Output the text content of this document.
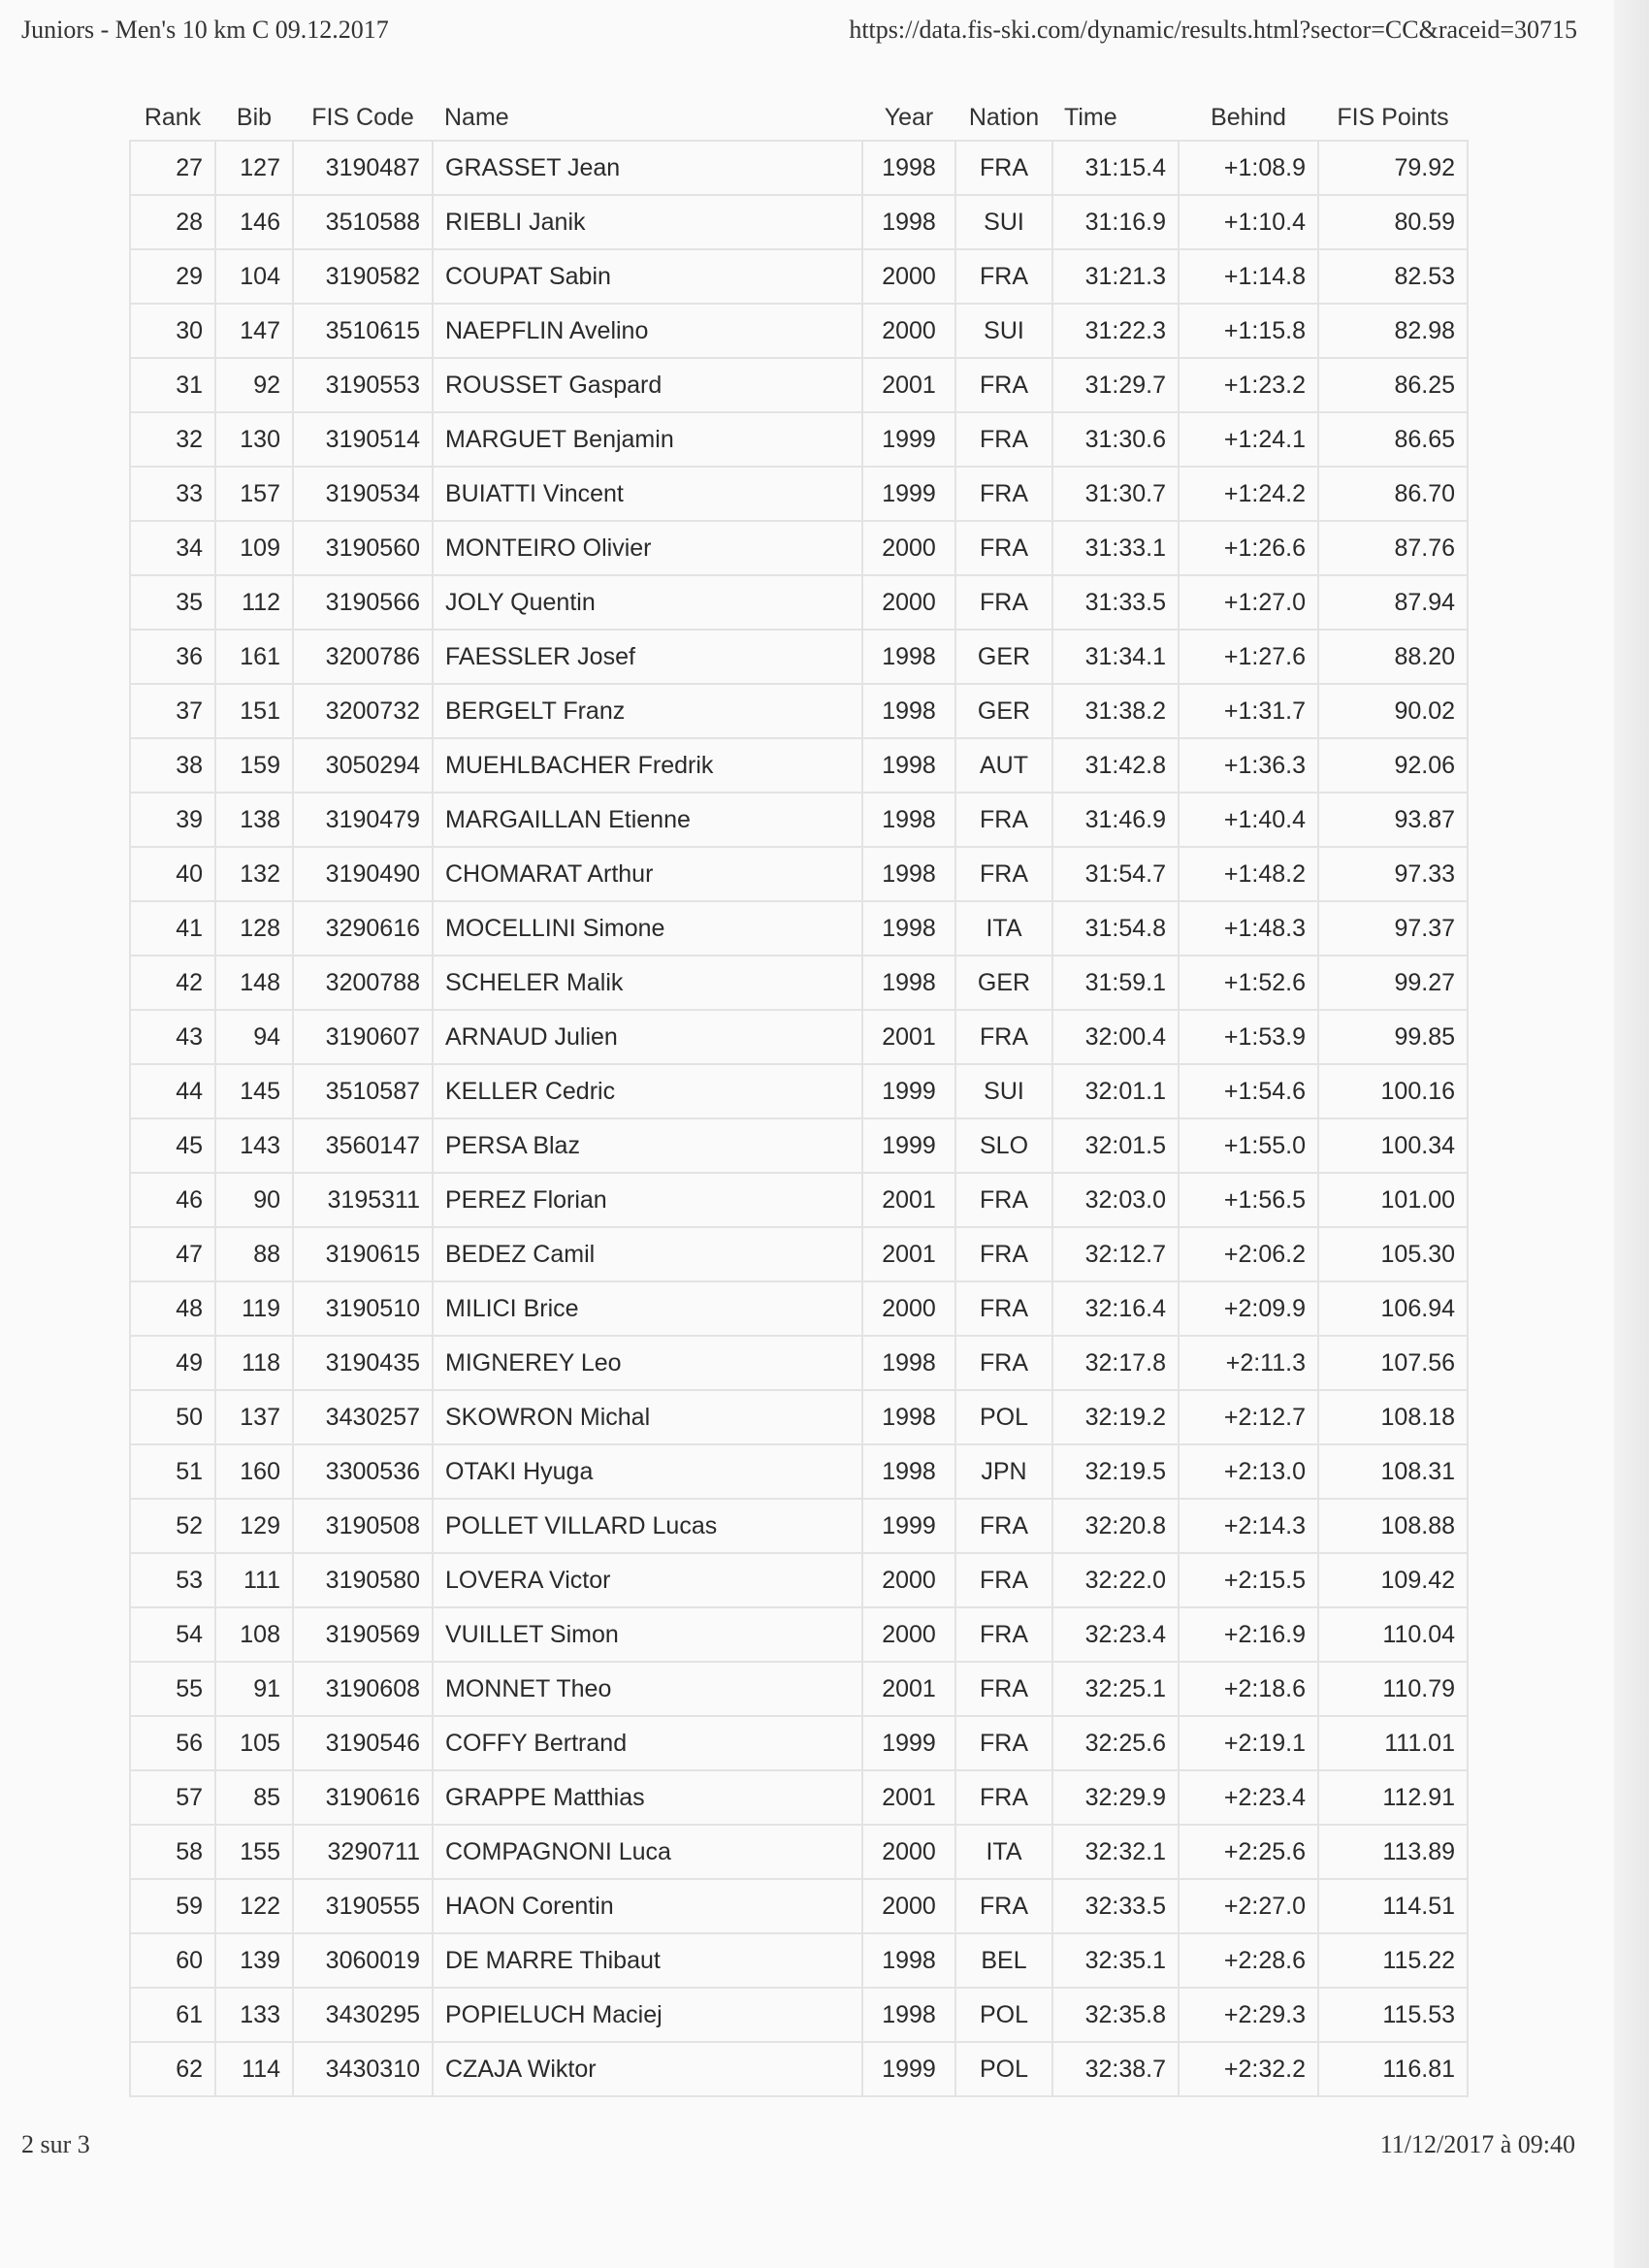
Juniors - Men's 10 km C 09.12.2017	https://data.fis-ski.com/dynamic/results.html?sector=CC&raceid=30715
Rank	Bib	FIS Code	Name	Year	Nation	Time	Behind	FIS Points
27	127	3190487	GRASSET Jean	1998	FRA	31:15.4	+1:08.9	79.92
28	146	3510588	RIEBLI Janik	1998	SUI	31:16.9	+1:10.4	80.59
29	104	3190582	COUPAT Sabin	2000	FRA	31:21.3	+1:14.8	82.53
30	147	3510615	NAEPFLIN Avelino	2000	SUI	31:22.3	+1:15.8	82.98
31	92	3190553	ROUSSET Gaspard	2001	FRA	31:29.7	+1:23.2	86.25
32	130	3190514	MARGUET Benjamin	1999	FRA	31:30.6	+1:24.1	86.65
33	157	3190534	BUIATTI Vincent	1999	FRA	31:30.7	+1:24.2	86.70
34	109	3190560	MONTEIRO Olivier	2000	FRA	31:33.1	+1:26.6	87.76
35	112	3190566	JOLY Quentin	2000	FRA	31:33.5	+1:27.0	87.94
36	161	3200786	FAESSLER Josef	1998	GER	31:34.1	+1:27.6	88.20
37	151	3200732	BERGELT Franz	1998	GER	31:38.2	+1:31.7	90.02
38	159	3050294	MUEHLBACHER Fredrik	1998	AUT	31:42.8	+1:36.3	92.06
39	138	3190479	MARGAILLAN Etienne	1998	FRA	31:46.9	+1:40.4	93.87
40	132	3190490	CHOMARAT Arthur	1998	FRA	31:54.7	+1:48.2	97.33
41	128	3290616	MOCELLINI Simone	1998	ITA	31:54.8	+1:48.3	97.37
42	148	3200788	SCHELER Malik	1998	GER	31:59.1	+1:52.6	99.27
43	94	3190607	ARNAUD Julien	2001	FRA	32:00.4	+1:53.9	99.85
44	145	3510587	KELLER Cedric	1999	SUI	32:01.1	+1:54.6	100.16
45	143	3560147	PERSA Blaz	1999	SLO	32:01.5	+1:55.0	100.34
46	90	3195311	PEREZ Florian	2001	FRA	32:03.0	+1:56.5	101.00
47	88	3190615	BEDEZ Camil	2001	FRA	32:12.7	+2:06.2	105.30
48	119	3190510	MILICI Brice	2000	FRA	32:16.4	+2:09.9	106.94
49	118	3190435	MIGNEREY Leo	1998	FRA	32:17.8	+2:11.3	107.56
50	137	3430257	SKOWRON Michal	1998	POL	32:19.2	+2:12.7	108.18
51	160	3300536	OTAKI Hyuga	1998	JPN	32:19.5	+2:13.0	108.31
52	129	3190508	POLLET VILLARD Lucas	1999	FRA	32:20.8	+2:14.3	108.88
53	111	3190580	LOVERA Victor	2000	FRA	32:22.0	+2:15.5	109.42
54	108	3190569	VUILLET Simon	2000	FRA	32:23.4	+2:16.9	110.04
55	91	3190608	MONNET Theo	2001	FRA	32:25.1	+2:18.6	110.79
56	105	3190546	COFFY Bertrand	1999	FRA	32:25.6	+2:19.1	111.01
57	85	3190616	GRAPPE Matthias	2001	FRA	32:29.9	+2:23.4	112.91
58	155	3290711	COMPAGNONI Luca	2000	ITA	32:32.1	+2:25.6	113.89
59	122	3190555	HAON Corentin	2000	FRA	32:33.5	+2:27.0	114.51
60	139	3060019	DE MARRE Thibaut	1998	BEL	32:35.1	+2:28.6	115.22
61	133	3430295	POPIELUCH Maciej	1998	POL	32:35.8	+2:29.3	115.53
62	114	3430310	CZAJA Wiktor	1999	POL	32:38.7	+2:32.2	116.81
2 sur 3	11/12/2017 à 09:40
